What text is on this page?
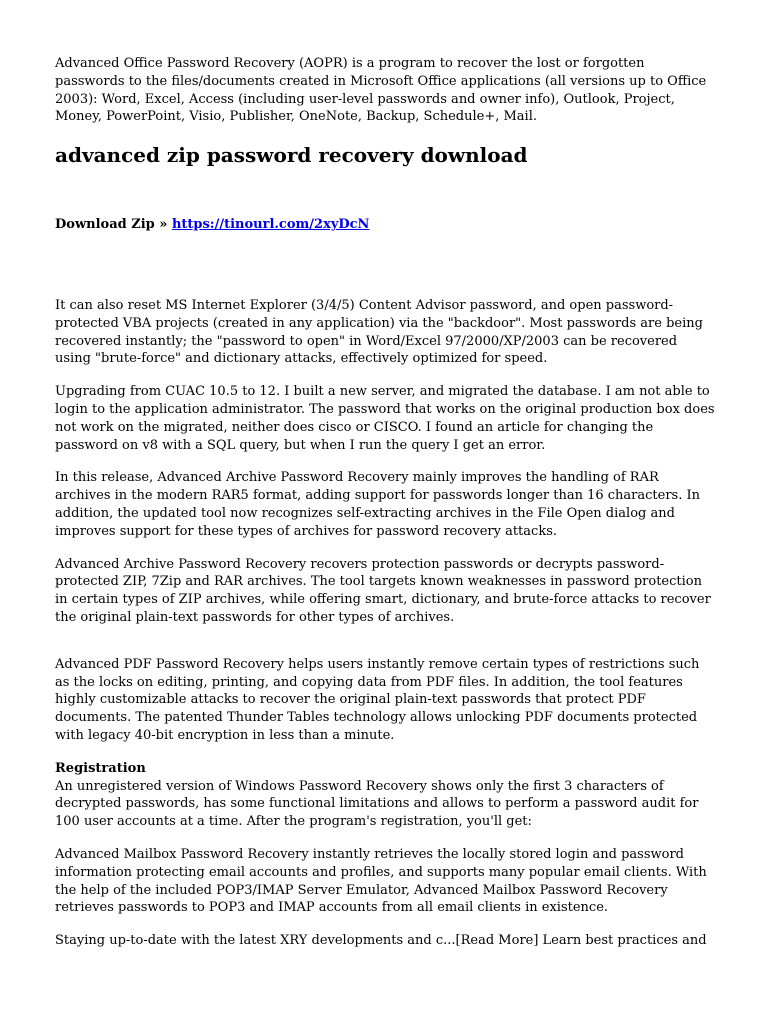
Advanced Office Password Recovery (AOPR) is a program to recover the lost or forgotten passwords to the files/documents created in Microsoft Office applications (all versions up to Office 2003): Word, Excel, Access (including user-level passwords and owner info), Outlook, Project, Money, PowerPoint, Visio, Publisher, OneNote, Backup, Schedule+, Mail.

advanced zip password recovery download

Download Zip » https://tinourl.com/2xyDcN

It can also reset MS Internet Explorer (3/4/5) Content Advisor password, and open password-protected VBA projects (created in any application) via the "backdoor". Most passwords are being recovered instantly; the "password to open" in Word/Excel 97/2000/XP/2003 can be recovered using "brute-force" and dictionary attacks, effectively optimized for speed.

Upgrading from CUAC 10.5 to 12. I built a new server, and migrated the database. I am not able to login to the application administrator. The password that works on the original production box does not work on the migrated, neither does cisco or CISCO. I found an article for changing the password on v8 with a SQL query, but when I run the query I get an error.

In this release, Advanced Archive Password Recovery mainly improves the handling of RAR archives in the modern RAR5 format, adding support for passwords longer than 16 characters. In addition, the updated tool now recognizes self-extracting archives in the File Open dialog and improves support for these types of archives for password recovery attacks.

Advanced Archive Password Recovery recovers protection passwords or decrypts password-protected ZIP, 7Zip and RAR archives. The tool targets known weaknesses in password protection in certain types of ZIP archives, while offering smart, dictionary, and brute-force attacks to recover the original plain-text passwords for other types of archives.

Advanced PDF Password Recovery helps users instantly remove certain types of restrictions such as the locks on editing, printing, and copying data from PDF files. In addition, the tool features highly customizable attacks to recover the original plain-text passwords that protect PDF documents. The patented Thunder Tables technology allows unlocking PDF documents protected with legacy 40-bit encryption in less than a minute.

Registration

An unregistered version of Windows Password Recovery shows only the first 3 characters of decrypted passwords, has some functional limitations and allows to perform a password audit for 100 user accounts at a time. After the program's registration, you'll get:

Advanced Mailbox Password Recovery instantly retrieves the locally stored login and password information protecting email accounts and profiles, and supports many popular email clients. With the help of the included POP3/IMAP Server Emulator, Advanced Mailbox Password Recovery retrieves passwords to POP3 and IMAP accounts from all email clients in existence.

Staying up-to-date with the latest XRY developments and c...[Read More] Learn best practices and
